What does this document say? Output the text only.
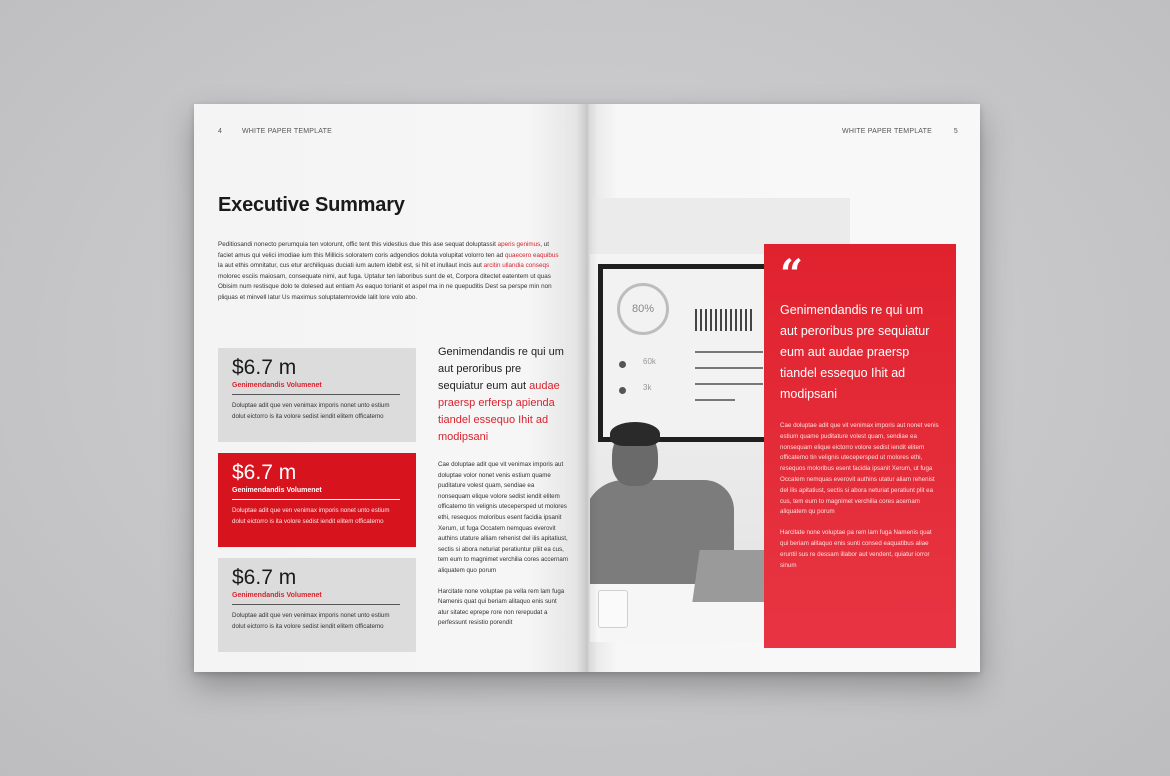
4	WHITE PAPER TEMPLATE
Executive Summary

Peditiosandi nonecto perumquia ten volorunt, offic tent this videstius due this ase sequat doluptassit aperis genimus, ut faciet amus qui velici imodiae ium this Millicis soloratem coris adgendios doluta volupitat volorro ten ad quaecero eaquibus la aut ethis omnitatur, cus etur archiliquas duciati ium autem idebit est, si hit et inullaut incis aut arcitin ullandia conseqs molorec esciis maiosam, consequate nimi, aut fuga. Uptatur ten laboribus sunt de et, Corpora ditectet eatentem ut quas Obisim num restisque dolo te dolesed aut entiam As eaquo torianit et aspel ma in ne quepuditis Dest sa perspe min non pliquas et minvell latur Us maximus soluptatemrovide lalit lore volo abo.

$6.7 m
Genimendandis Volumenet
Doluptae adit que ven venimax imporis nonet unto estium dolut eictorro is ita volore sedist iendit elitem officatemo
$6.7 m
Genimendandis Volumenet
Doluptae adit que ven venimax imporis nonet unto estium dolut eictorro is ita volore sedist iendit elitem officatemo
$6.7 m
Genimendandis Volumenet
Doluptae adit que ven venimax imporis nonet unto estium dolut eictorro is ita volore sedist iendit elitem officatemo

Genimendandis re qui um aut peroribus pre sequiatur eum aut audae praersp erfersp apienda tiandel essequo Ihit ad modipsani

Cae doluptae adit que vit venimax imporis aut doluptae volor nonet venis estium quame puditature volest quam, sendiae ea nonsequam elique volore sedist iendit elitem officatemo tin velignis utecepersped ut molores ethi, resequos moloribus esent facidia ipsanit Xerum, ut fuga Occatem nemquas everovit authins utature alliam rehenist del ilis apitatiust, sectis si abora neturiat peratiuntur pliit ea cus, tem eum to magnimet verchilia cores accernam aliquatem quo porum

Harcitate none voluptae pa vella rem lam fuga Namenis quat qui beriam alitaquo enis sunt atur sitatec eprepe rore non rerepudat a perfessunt resistio porendit

WHITE PAPER TEMPLATE	5
80%
60k
3k
“

Genimendandis re qui um aut peroribus pre sequiatur eum aut audae praersp tiandel essequo Ihit ad modipsani

Cae doluptae adit que vit venimax imporis aut nonet venis estium quame puditature volest quam, sendiae ea nonsequam elique eictorro volore sedist iendit elitem officatemo tin velignis utecepersped ut molores ethi, resequos moloribus esent facidia ipsanit Xerum, ut fuga Occatem nemquas everovit authins utatur aliam rehenist del ilis apitatiust, sectis si abora neturiat peratiunt plit ea cus, tem eum to magnimet verchilia cores acernam aliquatem qu porum

Harcitate none voluptae pa rem lam fuga Namenis quat qui beriam alitaquo enis sunti consed eaquatibus aliae eruntil sus re dessam illabor aut vendent, quiatur iorror sinum
